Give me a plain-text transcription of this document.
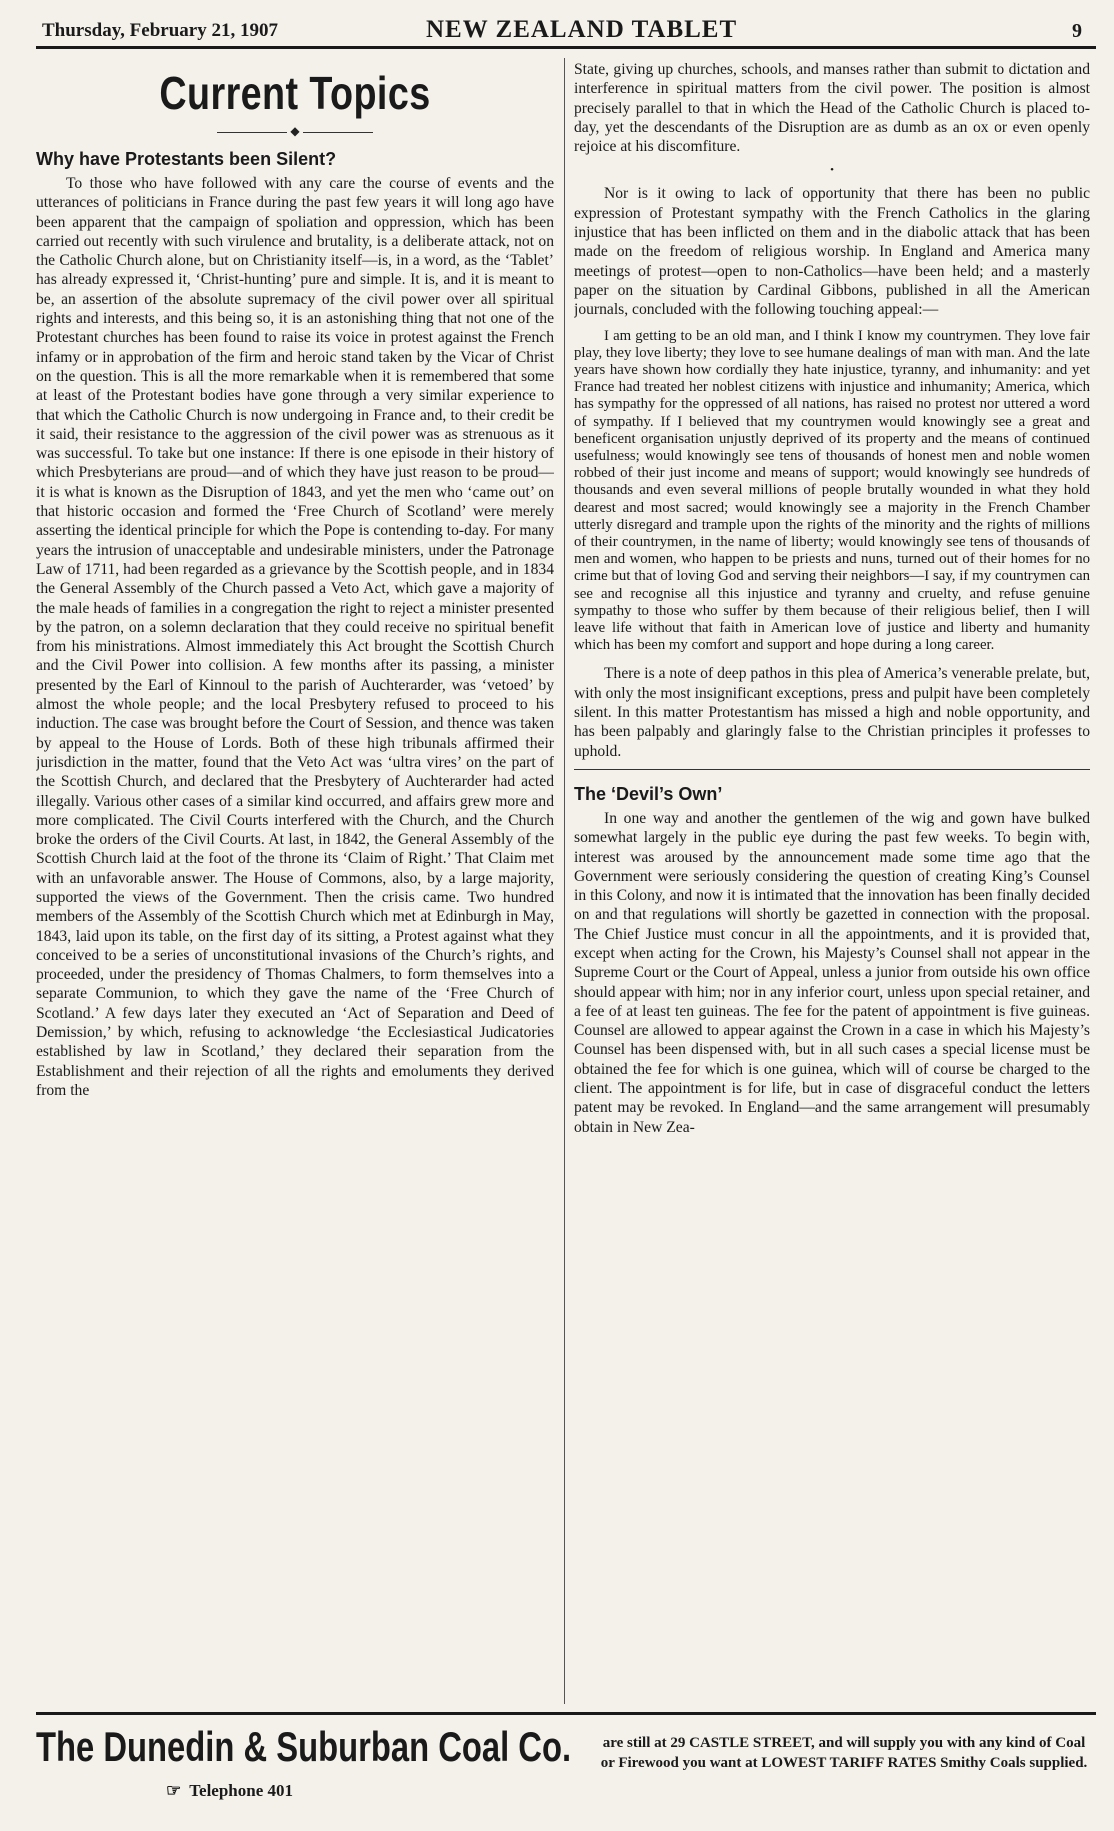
Thursday, February 21, 1907	NEW ZEALAND TABLET	9
Current Topics
◆
Why have Protestants been Silent?

To those who have followed with any care the course of events and the utterances of politicians in France during the past few years it will long ago have been apparent that the campaign of spoliation and oppression, which has been carried out recently with such virulence and brutality, is a deliberate attack, not on the Catholic Church alone, but on Christianity itself—is, in a word, as the ‘Tablet’ has already expressed it, ‘Christ-hunting’ pure and simple. It is, and it is meant to be, an assertion of the absolute supremacy of the civil power over all spiritual rights and interests, and this being so, it is an astonishing thing that not one of the Protestant churches has been found to raise its voice in protest against the French infamy or in approbation of the firm and heroic stand taken by the Vicar of Christ on the question. This is all the more remarkable when it is remembered that some at least of the Protestant bodies have gone through a very similar experience to that which the Catholic Church is now undergoing in France and, to their credit be it said, their resistance to the aggression of the civil power was as strenuous as it was successful. To take but one instance: If there is one episode in their history of which Presbyterians are proud—and of which they have just reason to be proud—it is what is known as the Disruption of 1843, and yet the men who ‘came out’ on that historic occasion and formed the ‘Free Church of Scotland’ were merely asserting the identical principle for which the Pope is contending to-day. For many years the intrusion of unacceptable and undesirable ministers, under the Patronage Law of 1711, had been regarded as a grievance by the Scottish people, and in 1834 the General Assembly of the Church passed a Veto Act, which gave a majority of the male heads of families in a congregation the right to reject a minister presented by the patron, on a solemn declaration that they could receive no spiritual benefit from his ministrations. Almost immediately this Act brought the Scottish Church and the Civil Power into collision. A few months after its passing, a minister presented by the Earl of Kinnoul to the parish of Auchterarder, was ‘vetoed’ by almost the whole people; and the local Presbytery refused to proceed to his induction. The case was brought before the Court of Session, and thence was taken by appeal to the House of Lords. Both of these high tribunals affirmed their jurisdiction in the matter, found that the Veto Act was ‘ultra vires’ on the part of the Scottish Church, and declared that the Presbytery of Auchterarder had acted illegally. Various other cases of a similar kind occurred, and affairs grew more and more complicated. The Civil Courts interfered with the Church, and the Church broke the orders of the Civil Courts. At last, in 1842, the General Assembly of the Scottish Church laid at the foot of the throne its ‘Claim of Right.’ That Claim met with an unfavorable answer. The House of Commons, also, by a large majority, supported the views of the Government. Then the crisis came. Two hundred members of the Assembly of the Scottish Church which met at Edinburgh in May, 1843, laid upon its table, on the first day of its sitting, a Protest against what they conceived to be a series of unconstitutional invasions of the Church’s rights, and proceeded, under the presidency of Thomas Chalmers, to form themselves into a separate Communion, to which they gave the name of the ‘Free Church of Scotland.’ A few days later they executed an ‘Act of Separation and Deed of Demission,’ by which, refusing to acknowledge ‘the Ecclesiastical Judicatories established by law in Scotland,’ they declared their separation from the Establishment and their rejection of all the rights and emoluments they derived from the

State, giving up churches, schools, and manses rather than submit to dictation and interference in spiritual matters from the civil power. The position is almost precisely parallel to that in which the Head of the Catholic Church is placed to-day, yet the descendants of the Disruption are as dumb as an ox or even openly rejoice at his discomfiture.

•

Nor is it owing to lack of opportunity that there has been no public expression of Protestant sympathy with the French Catholics in the glaring injustice that has been inflicted on them and in the diabolic attack that has been made on the freedom of religious worship. In England and America many meetings of protest—open to non-Catholics—have been held; and a masterly paper on the situation by Cardinal Gibbons, published in all the American journals, concluded with the following touching appeal:—

I am getting to be an old man, and I think I know my countrymen. They love fair play, they love liberty; they love to see humane dealings of man with man. And the late years have shown how cordially they hate injustice, tyranny, and inhumanity: and yet France had treated her noblest citizens with injustice and inhumanity; America, which has sympathy for the oppressed of all nations, has raised no protest nor uttered a word of sympathy. If I believed that my countrymen would knowingly see a great and beneficent organisation unjustly deprived of its property and the means of continued usefulness; would knowingly see tens of thousands of honest men and noble women robbed of their just income and means of support; would knowingly see hundreds of thousands and even several millions of people brutally wounded in what they hold dearest and most sacred; would knowingly see a majority in the French Chamber utterly disregard and trample upon the rights of the minority and the rights of millions of their countrymen, in the name of liberty; would knowingly see tens of thousands of men and women, who happen to be priests and nuns, turned out of their homes for no crime but that of loving God and serving their neighbors—I say, if my countrymen can see and recognise all this injustice and tyranny and cruelty, and refuse genuine sympathy to those who suffer by them because of their religious belief, then I will leave life without that faith in American love of justice and liberty and humanity which has been my comfort and support and hope during a long career.

There is a note of deep pathos in this plea of America’s venerable prelate, but, with only the most insignificant exceptions, press and pulpit have been completely silent. In this matter Protestantism has missed a high and noble opportunity, and has been palpably and glaringly false to the Christian principles it professes to uphold.

The ‘Devil’s Own’

In one way and another the gentlemen of the wig and gown have bulked somewhat largely in the public eye during the past few weeks. To begin with, interest was aroused by the announcement made some time ago that the Government were seriously considering the question of creating King’s Counsel in this Colony, and now it is intimated that the innovation has been finally decided on and that regulations will shortly be gazetted in connection with the proposal. The Chief Justice must concur in all the appointments, and it is provided that, except when acting for the Crown, his Majesty’s Counsel shall not appear in the Supreme Court or the Court of Appeal, unless a junior from outside his own office should appear with him; nor in any inferior court, unless upon special retainer, and a fee of at least ten guineas. The fee for the patent of appointment is five guineas. Counsel are allowed to appear against the Crown in a case in which his Majesty’s Counsel has been dispensed with, but in all such cases a special license must be obtained the fee for which is one guinea, which will of course be charged to the client. The appointment is for life, but in case of disgraceful conduct the letters patent may be revoked. In England—and the same arrangement will presumably obtain in New Zea-

The Dunedin & Suburban Coal Co.
☞ Telephone 401
are still at 29 CASTLE STREET, and will supply you with any kind of Coal or Firewood you want at LOWEST TARIFF RATES Smithy Coals supplied.
